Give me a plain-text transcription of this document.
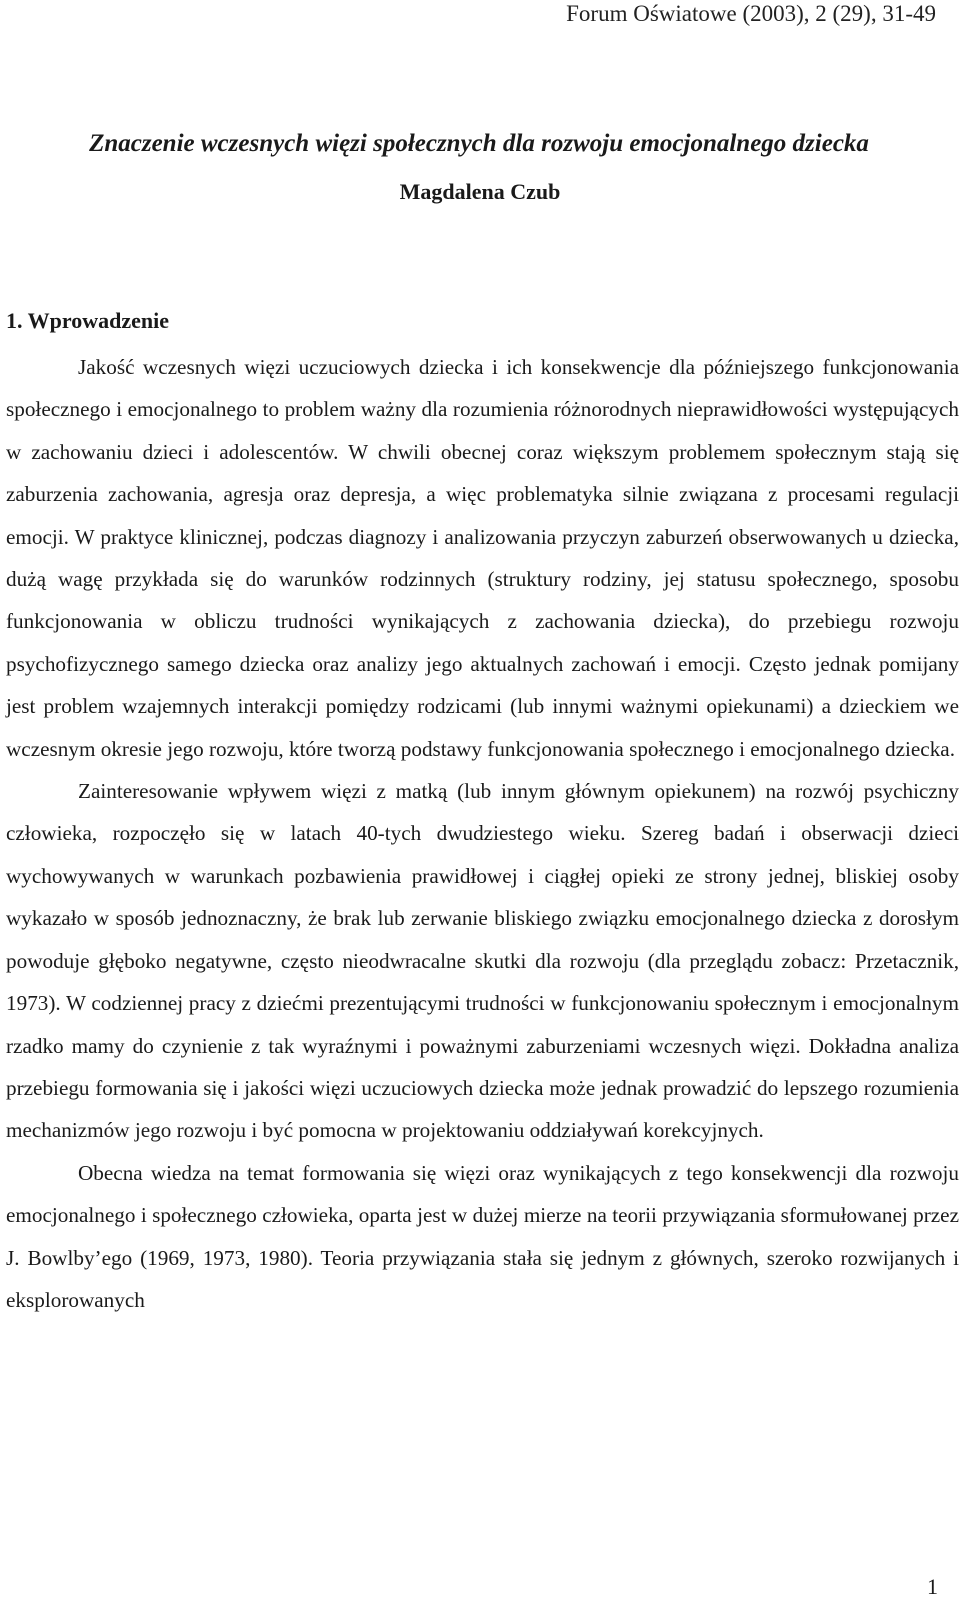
Forum Oświatowe (2003), 2 (29), 31-49
Znaczenie wczesnych więzi społecznych dla rozwoju emocjonalnego dziecka
Magdalena Czub
1. Wprowadzenie

Jakość wczesnych więzi uczuciowych dziecka i ich konsekwencje dla późniejszego funkcjonowania społecznego i emocjonalnego to problem ważny dla rozumienia różnorodnych nieprawidłowości występujących w zachowaniu dzieci i adolescentów. W chwili obecnej coraz większym problemem społecznym stają się zaburzenia zachowania, agresja oraz depresja, a więc problematyka silnie związana z procesami regulacji emocji. W praktyce klinicznej, podczas diagnozy i analizowania przyczyn zaburzeń obserwowanych u dziecka, dużą wagę przykłada się do warunków rodzinnych (struktury rodziny, jej statusu społecznego, sposobu funkcjonowania w obliczu trudności wynikających z zachowania dziecka), do przebiegu rozwoju psychofizycznego samego dziecka oraz analizy jego aktualnych zachowań i emocji. Często jednak pomijany jest problem wzajemnych interakcji pomiędzy rodzicami (lub innymi ważnymi opiekunami) a dzieckiem we wczesnym okresie jego rozwoju, które tworzą podstawy funkcjonowania społecznego i emocjonalnego dziecka.

Zainteresowanie wpływem więzi z matką (lub innym głównym opiekunem) na rozwój psychiczny człowieka, rozpoczęło się w latach 40-tych dwudziestego wieku. Szereg badań i obserwacji dzieci wychowywanych w warunkach pozbawienia prawidłowej i ciągłej opieki ze strony jednej, bliskiej osoby wykazało w sposób jednoznaczny, że brak lub zerwanie bliskiego związku emocjonalnego dziecka z dorosłym powoduje głęboko negatywne, często nieodwracalne skutki dla rozwoju (dla przeglądu zobacz: Przetacznik, 1973). W codziennej pracy z dziećmi prezentującymi trudności w funkcjonowaniu społecznym i emocjonalnym rzadko mamy do czynienie z tak wyraźnymi i poważnymi zaburzeniami wczesnych więzi. Dokładna analiza przebiegu formowania się i jakości więzi uczuciowych dziecka może jednak prowadzić do lepszego rozumienia mechanizmów jego rozwoju i być pomocna w projektowaniu oddziaływań korekcyjnych.

Obecna wiedza na temat formowania się więzi oraz wynikających z tego konsekwencji dla rozwoju emocjonalnego i społecznego człowieka, oparta jest w dużej mierze na teorii przywiązania sformułowanej przez J. Bowlby’ego (1969, 1973, 1980). Teoria przywiązania stała się jednym z głównych, szeroko rozwijanych i eksplorowanych

1
